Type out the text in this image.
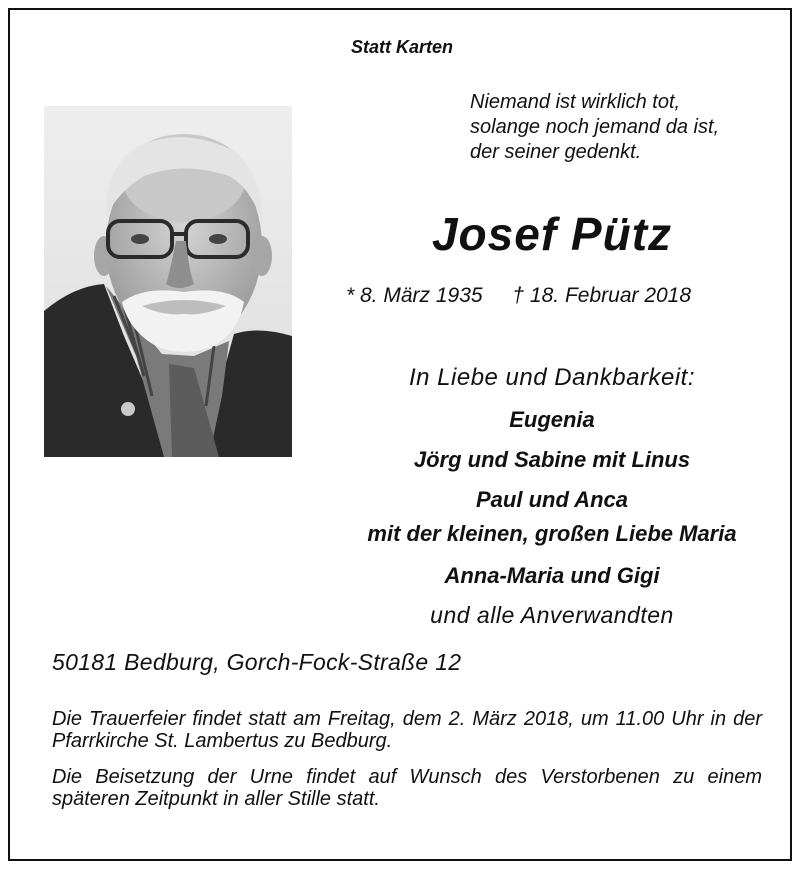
Statt Karten
Niemand ist wirklich tot,
solange noch jemand da ist,
der seiner gedenkt.
Josef Pütz
* 8. März 1935 † 18. Februar 2018
In Liebe und Dankbarkeit:
Eugenia
Jörg und Sabine mit Linus
Paul und Anca
mit der kleinen, großen Liebe Maria
Anna-Maria und Gigi
und alle Anverwandten
50181 Bedburg, Gorch-Fock-Straße 12
Die Trauerfeier findet statt am Freitag, dem 2. März 2018, um 11.00 Uhr in der Pfarrkirche St. Lambertus zu Bedburg.
Die Beisetzung der Urne findet auf Wunsch des Verstorbenen zu einem späteren Zeitpunkt in aller Stille statt.
